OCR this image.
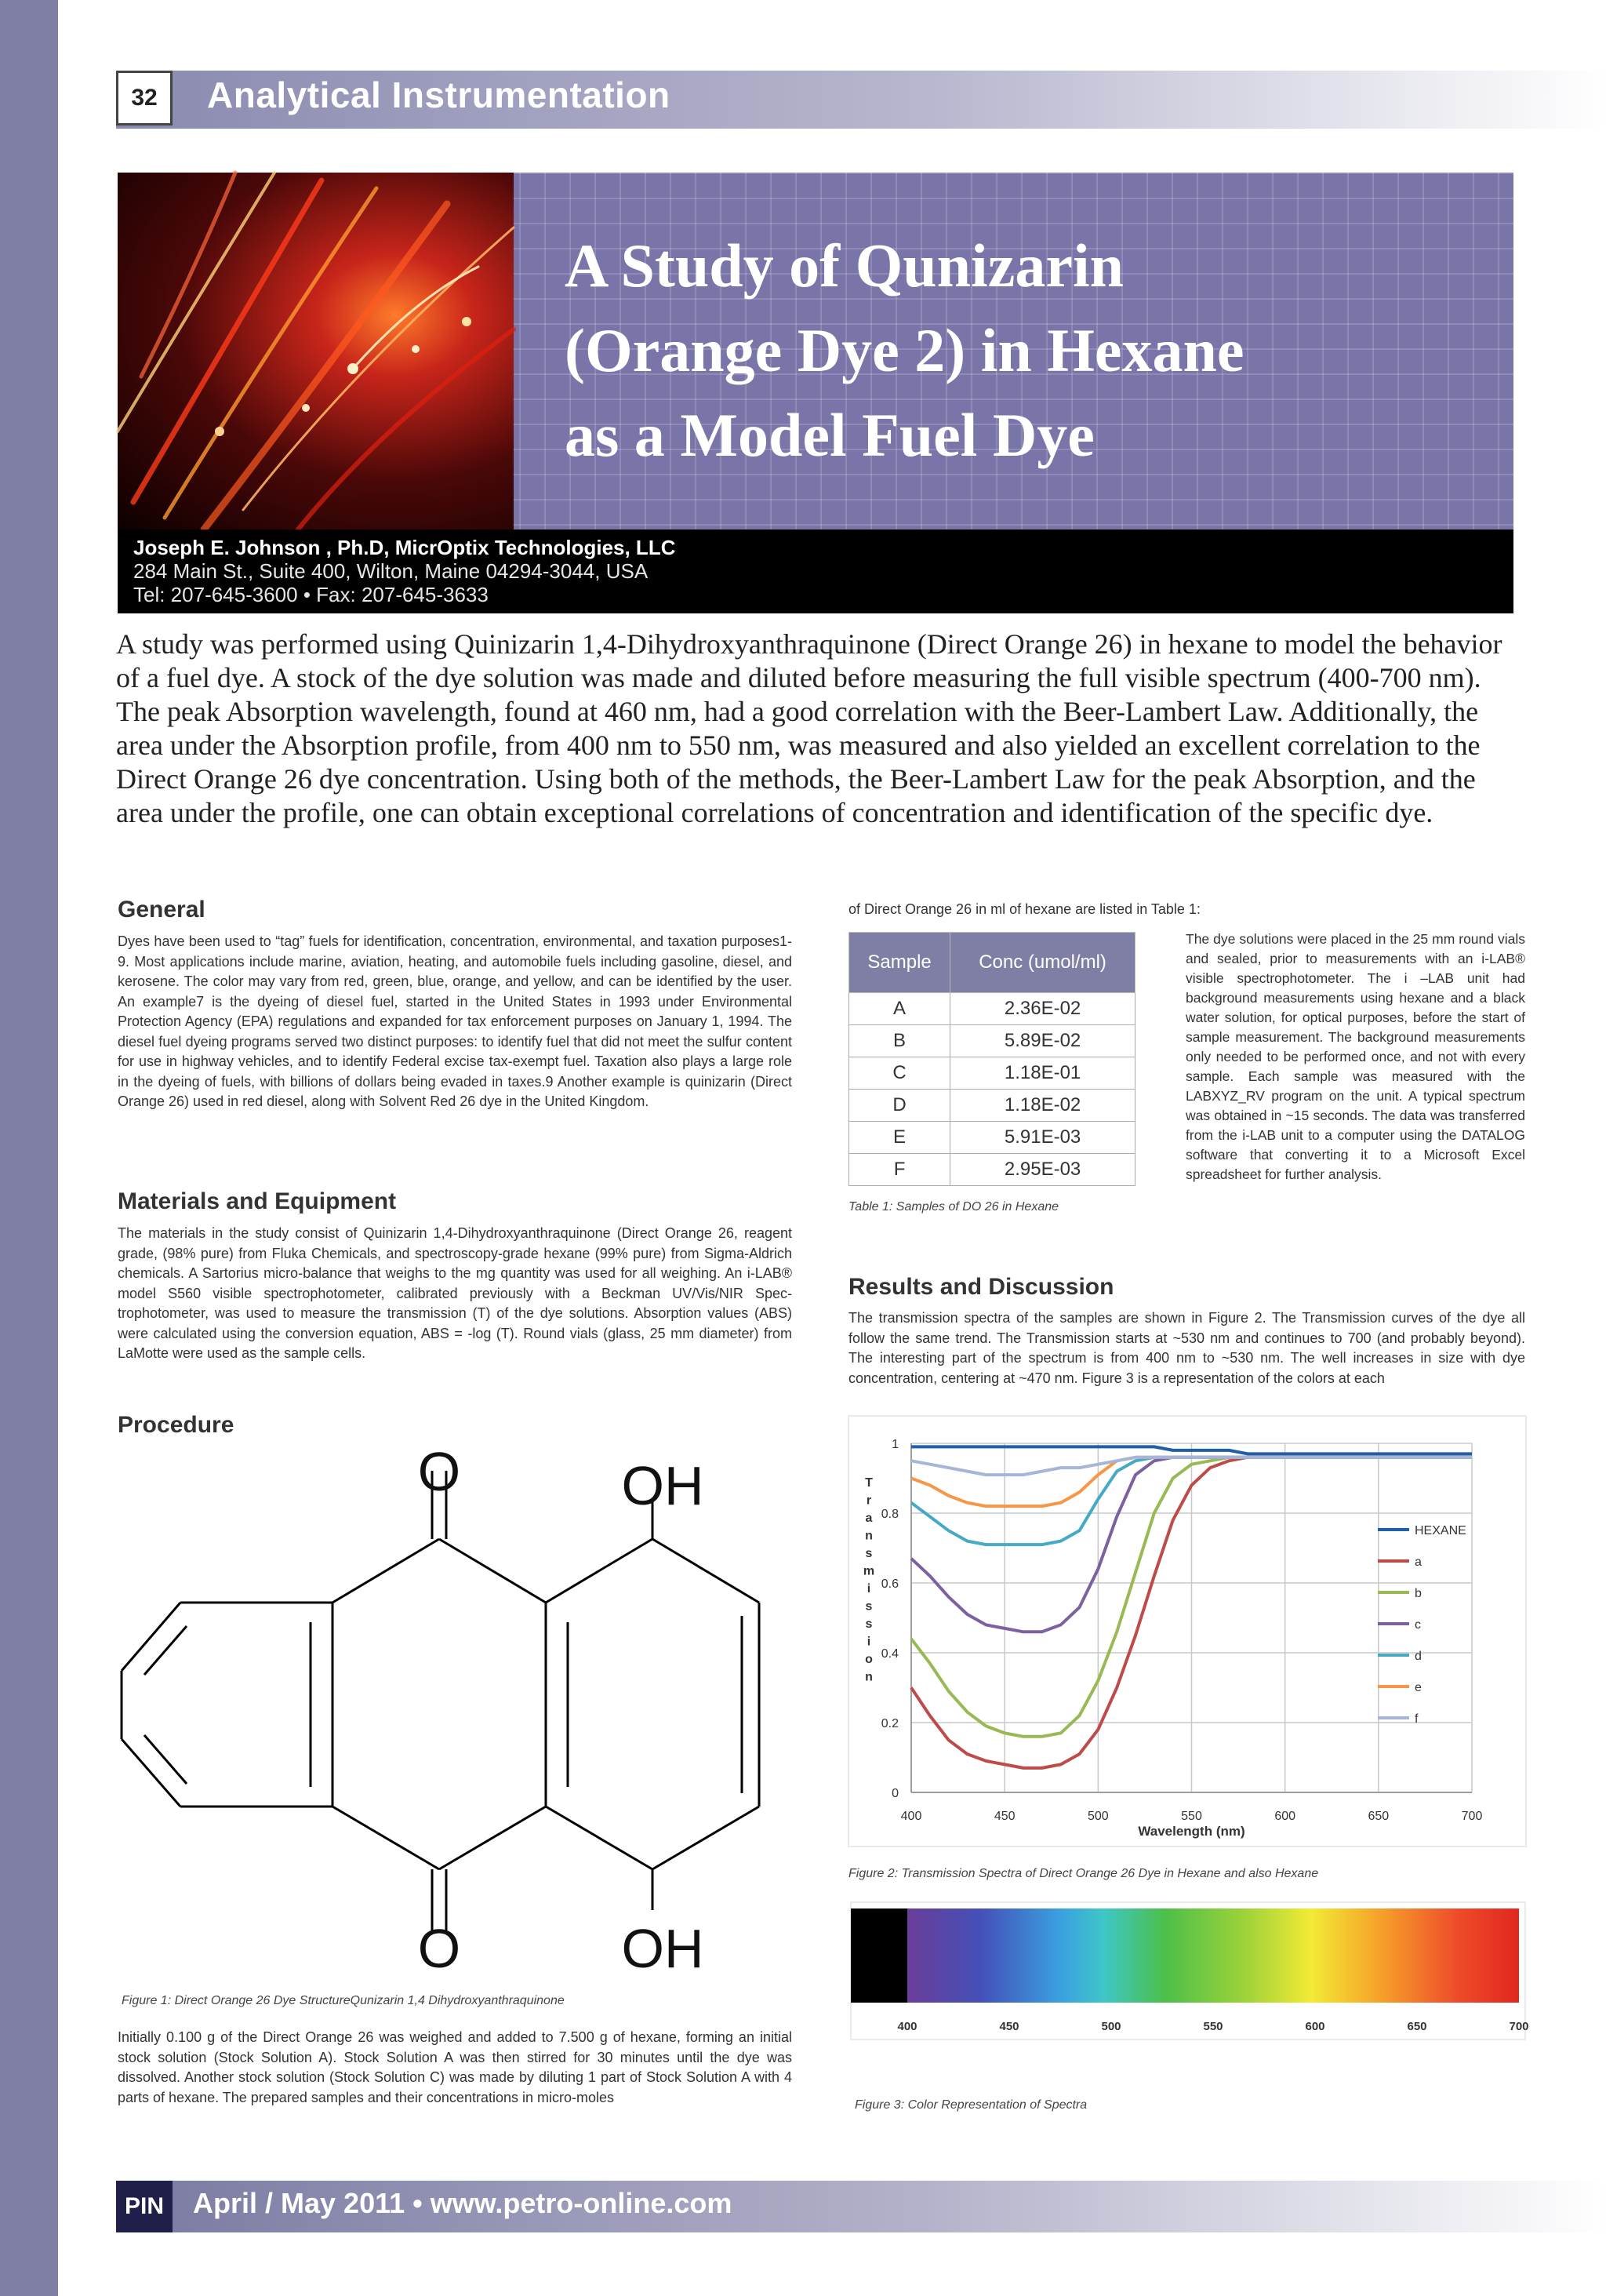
32	Analytical Instrumentation
A Study of Qunizarin
(Orange Dye 2) in Hexane
as a Model Fuel Dye
Joseph E. Johnson , Ph.D, MicrOptix Technologies, LLC
284 Main St., Suite 400, Wilton, Maine 04294-3044, USA
Tel: 207-645-3600 • Fax: 207-645-3633
A study was performed using Quinizarin 1,4-Dihydroxyanthraquinone (Direct Orange 26) in hexane to model the behavior of a fuel dye. A stock of the dye solution was made and diluted before measuring the full visible spectrum (400-700 nm). The peak Absorption wavelength, found at 460 nm, had a good correlation with the Beer-Lambert Law. Additionally, the area under the Absorption profile, from 400 nm to 550 nm, was measured and also yielded an excellent correlation to the Direct Orange 26 dye concentration. Using both of the methods, the Beer-Lambert Law for the peak Absorption, and the area under the profile, one can obtain exceptional correlations of concentration and identification of the specific dye.
General
Dyes have been used to “tag” fuels for identification, concentration, environmental, and taxation purposes1-9. Most applications include marine, aviation, heating, and automobile fuels including gasoline, diesel, and kerosene. The color may vary from red, green, blue, orange, and yellow, and can be identified by the user. An example7 is the dyeing of diesel fuel, started in the United States in 1993 under Environmental Protection Agency (EPA) regulations and expanded for tax enforcement purposes on January 1, 1994. The diesel fuel dyeing programs served two distinct purposes: to identify fuel that did not meet the sulfur content for use in highway vehicles, and to identify Federal excise tax-exempt fuel. Taxation also plays a large role in the dyeing of fuels, with billions of dollars being evaded in taxes.9 Another example is quinizarin (Direct Orange 26) used in red diesel, along with Solvent Red 26 dye in the United Kingdom.
Materials and Equipment
The materials in the study consist of Quinizarin 1,4-Dihydroxyanthraquinone (Direct Orange 26, reagent grade, (98% pure) from Fluka Chemicals, and spectroscopy-grade hexane (99% pure) from Sigma-Aldrich chemicals. A Sartorius micro-balance that weighs to the mg quantity was used for all weighing. An i-LAB® model S560 visible spectrophotometer, calibrated previously with a Beckman UV/Vis/NIR Spec-trophotometer, was used to measure the transmission (T) of the dye solutions. Absorption values (ABS) were calculated using the conversion equation, ABS = -log (T). Round vials (glass, 25 mm diameter) from LaMotte were used as the sample cells.
Procedure
O	OH
O	OH
Figure 1: Direct Orange 26 Dye StructureQunizarin 1,4 Dihydroxyanthraquinone
Initially 0.100 g of the Direct Orange 26 was weighed and added to 7.500 g of hexane, forming an initial stock solution (Stock Solution A). Stock Solution A was then stirred for 30 minutes until the dye was dissolved. Another stock solution (Stock Solution C) was made by diluting 1 part of Stock Solution A with 4 parts of hexane. The prepared samples and their concentrations in micro-moles
of Direct Orange 26 in ml of hexane are listed in Table 1:
Sample	Conc (umol/ml)
A	2.36E-02
B	5.89E-02
C	1.18E-01
D	1.18E-02
E	5.91E-03
F	2.95E-03
Table 1: Samples of DO 26 in Hexane
The dye solutions were placed in the 25 mm round vials and sealed, prior to measurements with an i-LAB® visible spectrophotometer. The i –LAB unit had background measurements using hexane and a black water solution, for optical purposes, before the start of sample measurement. The background measurements only needed to be performed once, and not with every sample. Each sample was measured with the LABXYZ_RV program on the unit. A typical spectrum was obtained in ~15 seconds. The data was transferred from the i-LAB unit to a computer using the DATALOG software that converting it to a Microsoft Excel spreadsheet for further analysis.
Results and Discussion
The transmission spectra of the samples are shown in Figure 2. The Transmission curves of the dye all follow the same trend. The Transmission starts at ~530 nm and continues to 700 (and probably beyond). The interesting part of the spectrum is from 400 nm to ~530 nm. The well increases in size with dye concentration, centering at ~470 nm. Figure 3 is a representation of the colors at each
0
0.2
0.4
0.6
0.8
1
400	450	500	550	600	650	700
Wavelength (nm)
T r a n s m i s s i o n
HEXANE
a
b
c
d
e
f
Figure 2: Transmission Spectra of Direct Orange 26 Dye in Hexane and also Hexane
400	450	500	550	600	650	700
Figure 3: Color Representation of Spectra
PIN	April / May 2011 • www.petro-online.com
